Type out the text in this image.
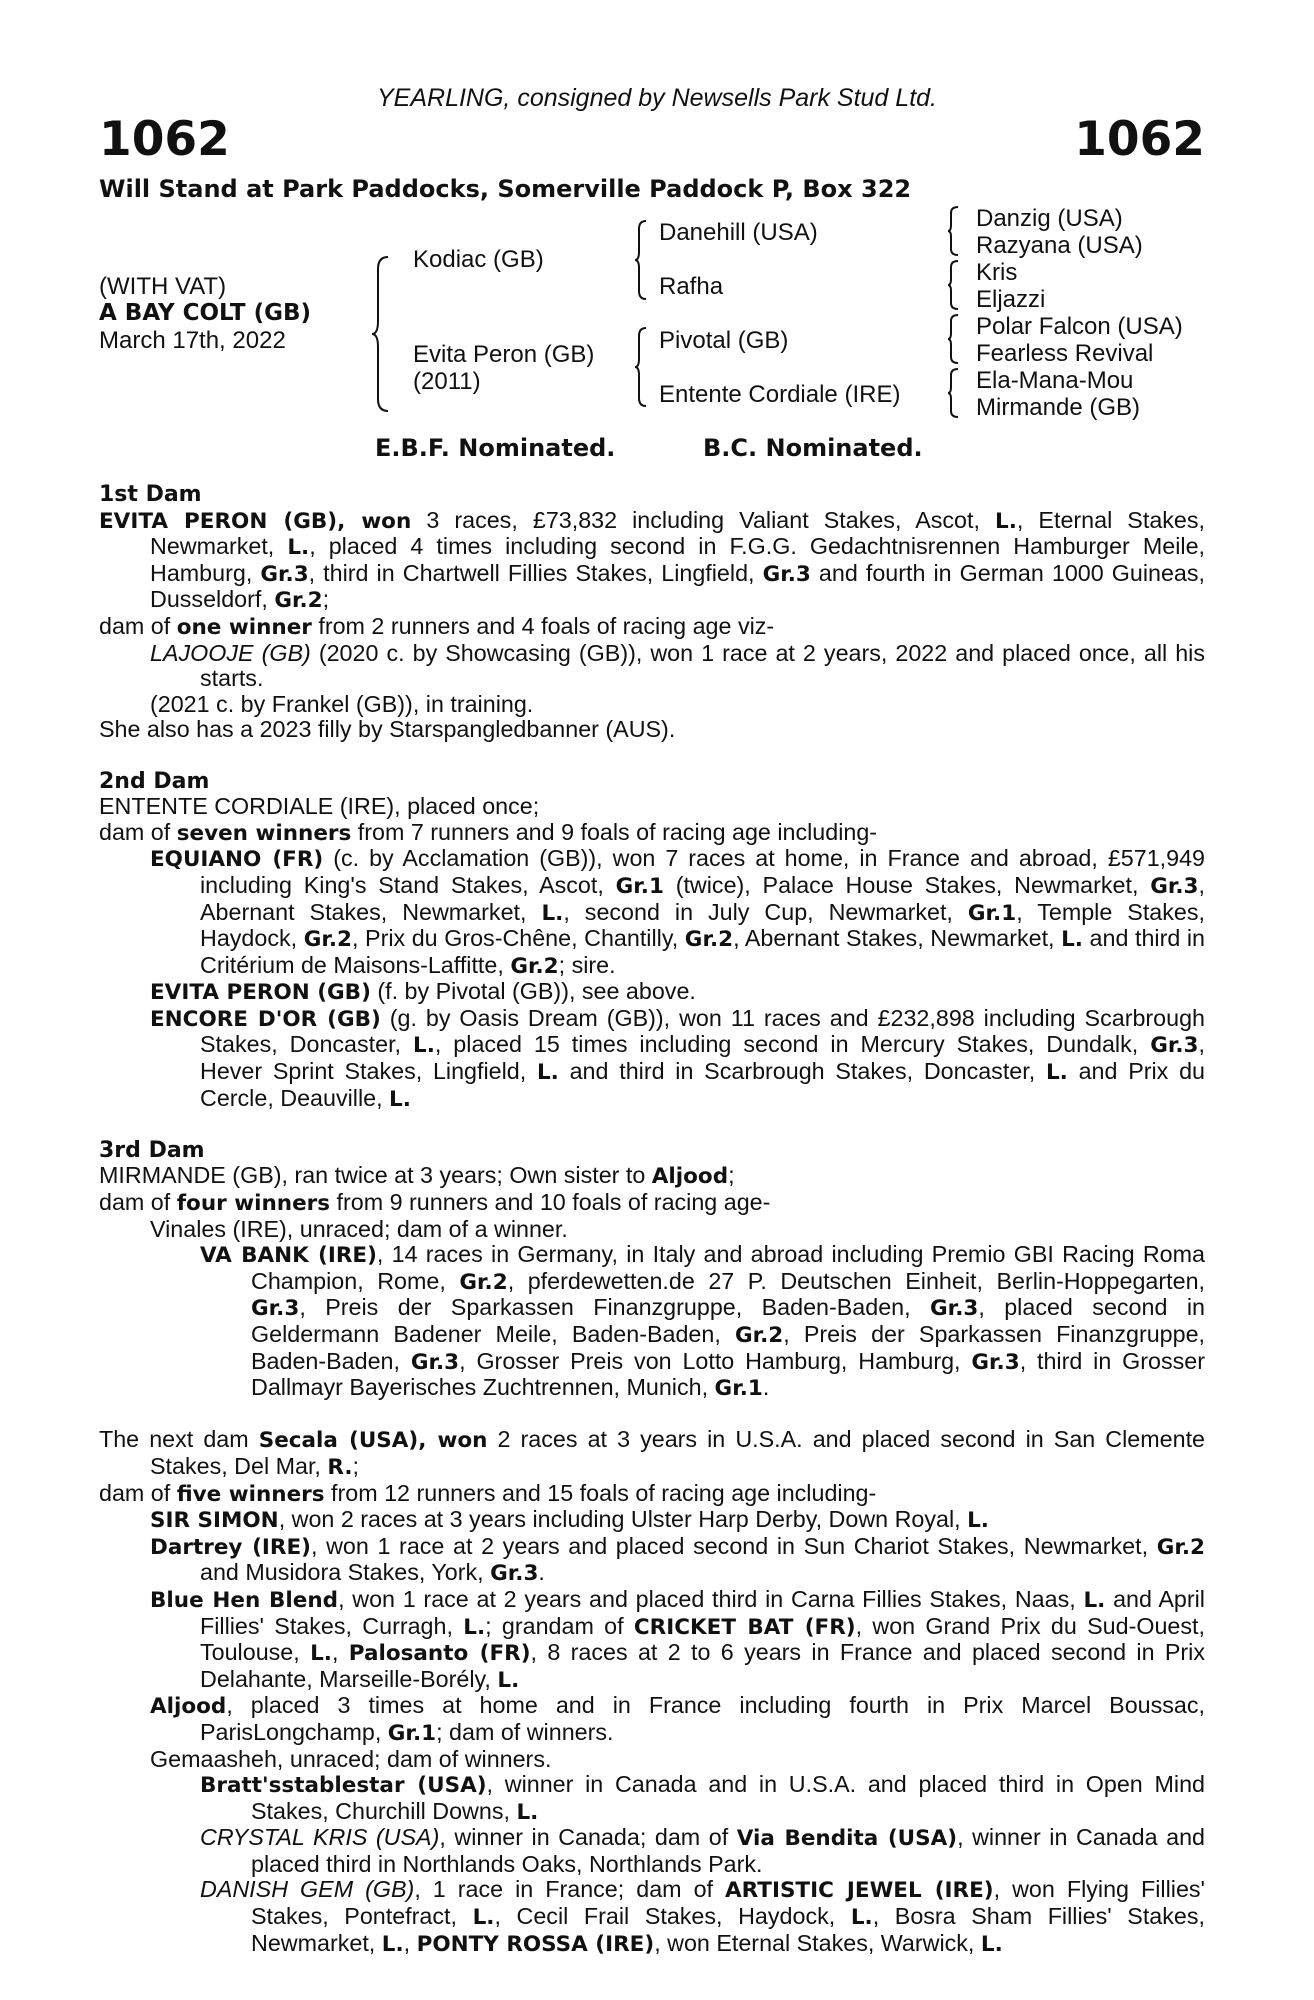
YEARLING, consigned by Newsells Park Stud Ltd.
1062	1062
Will Stand at Park Paddocks, Somerville Paddock P, Box 322
(WITH VAT)
A BAY COLT (GB)
March 17th, 2022
Kodiac (GB)
Evita Peron (GB)
(2011)
Danehill (USA)
Rafha
Pivotal (GB)
Entente Cordiale (IRE)
Danzig (USA)
Razyana (USA)
Kris
Eljazzi
Polar Falcon (USA)
Fearless Revival
Ela-Mana-Mou
Mirmande (GB)
E.B.F. Nominated.	B.C. Nominated.
1st Dam
EVITA PERON (GB), won 3 races, £73,832 including Valiant Stakes, Ascot, L., Eternal Stakes, Newmarket, L., placed 4 times including second in F.G.G. Gedachtnisrennen Hamburger Meile, Hamburg, Gr.3, third in Chartwell Fillies Stakes, Lingfield, Gr.3 and fourth in German 1000 Guineas, Dusseldorf, Gr.2;
dam of one winner from 2 runners and 4 foals of racing age viz-
LAJOOJE (GB) (2020 c. by Showcasing (GB)), won 1 race at 2 years, 2022 and placed once, all his starts.
(2021 c. by Frankel (GB)), in training.
She also has a 2023 filly by Starspangledbanner (AUS).
2nd Dam
ENTENTE CORDIALE (IRE), placed once;
dam of seven winners from 7 runners and 9 foals of racing age including-
EQUIANO (FR) (c. by Acclamation (GB)), won 7 races at home, in France and abroad, £571,949 including King's Stand Stakes, Ascot, Gr.1 (twice), Palace House Stakes, Newmarket, Gr.3, Abernant Stakes, Newmarket, L., second in July Cup, Newmarket, Gr.1, Temple Stakes, Haydock, Gr.2, Prix du Gros-Chêne, Chantilly, Gr.2, Abernant Stakes, Newmarket, L. and third in Critérium de Maisons-Laffitte, Gr.2; sire.
EVITA PERON (GB) (f. by Pivotal (GB)), see above.
ENCORE D'OR (GB) (g. by Oasis Dream (GB)), won 11 races and £232,898 including Scarbrough Stakes, Doncaster, L., placed 15 times including second in Mercury Stakes, Dundalk, Gr.3, Hever Sprint Stakes, Lingfield, L. and third in Scarbrough Stakes, Doncaster, L. and Prix du Cercle, Deauville, L.
3rd Dam
MIRMANDE (GB), ran twice at 3 years; Own sister to Aljood;
dam of four winners from 9 runners and 10 foals of racing age-
Vinales (IRE), unraced; dam of a winner.
VA BANK (IRE), 14 races in Germany, in Italy and abroad including Premio GBI Racing Roma Champion, Rome, Gr.2, pferdewetten.de 27 P. Deutschen Einheit, Berlin-Hoppegarten, Gr.3, Preis der Sparkassen Finanzgruppe, Baden-Baden, Gr.3, placed second in Geldermann Badener Meile, Baden-Baden, Gr.2, Preis der Sparkassen Finanzgruppe, Baden-Baden, Gr.3, Grosser Preis von Lotto Hamburg, Hamburg, Gr.3, third in Grosser Dallmayr Bayerisches Zuchtrennen, Munich, Gr.1.
The next dam Secala (USA), won 2 races at 3 years in U.S.A. and placed second in San Clemente Stakes, Del Mar, R.;
dam of five winners from 12 runners and 15 foals of racing age including-
SIR SIMON, won 2 races at 3 years including Ulster Harp Derby, Down Royal, L.
Dartrey (IRE), won 1 race at 2 years and placed second in Sun Chariot Stakes, Newmarket, Gr.2 and Musidora Stakes, York, Gr.3.
Blue Hen Blend, won 1 race at 2 years and placed third in Carna Fillies Stakes, Naas, L. and April Fillies' Stakes, Curragh, L.; grandam of CRICKET BAT (FR), won Grand Prix du Sud-Ouest, Toulouse, L., Palosanto (FR), 8 races at 2 to 6 years in France and placed second in Prix Delahante, Marseille-Borély, L.
Aljood, placed 3 times at home and in France including fourth in Prix Marcel Boussac, ParisLongchamp, Gr.1; dam of winners.
Gemaasheh, unraced; dam of winners.
Bratt'sstablestar (USA), winner in Canada and in U.S.A. and placed third in Open Mind Stakes, Churchill Downs, L.
CRYSTAL KRIS (USA), winner in Canada; dam of Via Bendita (USA), winner in Canada and placed third in Northlands Oaks, Northlands Park.
DANISH GEM (GB), 1 race in France; dam of ARTISTIC JEWEL (IRE), won Flying Fillies' Stakes, Pontefract, L., Cecil Frail Stakes, Haydock, L., Bosra Sham Fillies' Stakes, Newmarket, L., PONTY ROSSA (IRE), won Eternal Stakes, Warwick, L.
